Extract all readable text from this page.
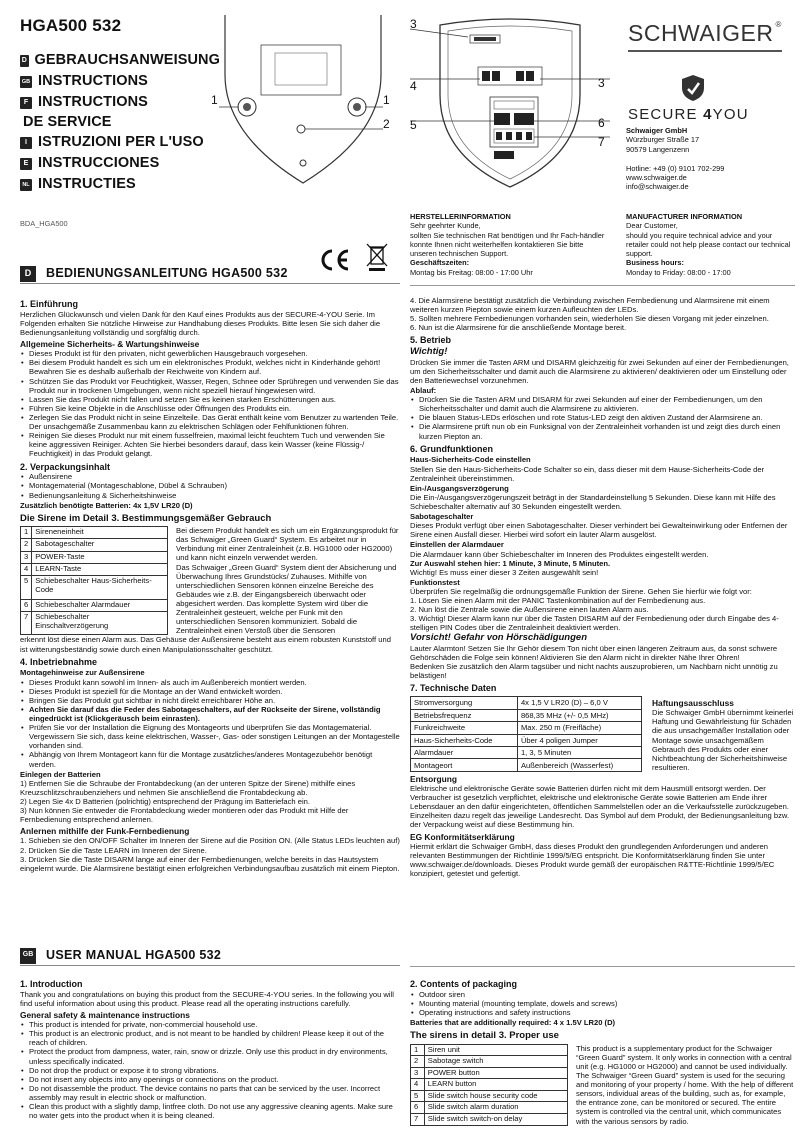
HGA500 532
D GEBRAUCHSANWEISUNG
GB INSTRUCTIONS
F INSTRUCTIONS
DE SERVICE
I ISTRUZIONI PER L'USO
E INSTRUCCIONES
NL INSTRUCTIES
BDA_HGA500
1	1
2
3
4	3
5	6
7
SCHWAIGER ®
SECURE 4YOU
Schwaiger GmbH
Würzburger Straße 17
90579 Langenzenn
Hotline: +49 (0) 9101 702-299
www.schwaiger.de
info@schwaiger.de
HERSTELLERINFORMATION
Sehr geehrter Kunde,
sollten Sie technischen Rat benötigen und Ihr Fach-händler konnte Ihnen nicht weiterhelfen kontaktieren Sie bitte unseren technischen Support.
Geschäftszeiten:
Montag bis Freitag: 08:00 - 17:00 Uhr
MANUFACTURER INFORMATION
Dear Customer,
should you require technical advice and your retailer could not help please contact our technical support.
Business hours:
Monday to Friday: 08:00 - 17:00
D	BEDIENUNGSANLEITUNG HGA500 532
1. Einführung

Herzlichen Glückwunsch und vielen Dank für den Kauf eines Produkts aus der SECURE-4-YOU Serie. Im Folgenden erhalten Sie nützliche Hinweise zur Handhabung dieses Produkts. Bitte lesen Sie sich daher die Bedienungsanleitung vollständig und sorgfältig durch.

Allgemeine Sicherheits- & Wartungshinweise
• Dieses Produkt ist für den privaten, nicht gewerblichen Hausgebrauch vorgesehen.
• Bei diesem Produkt handelt es sich um ein elektronisches Produkt, welches nicht in Kinderhände gehört! Bewahren Sie es deshalb außerhalb der Reichweite von Kindern auf.
• Schützen Sie das Produkt vor Feuchtigkeit, Wasser, Regen, Schnee oder Sprühregen und verwenden Sie das Produkt nur in trockenen Umgebungen, wenn nicht speziell hierauf hingewiesen wird.
• Lassen Sie das Produkt nicht fallen und setzen Sie es keinen starken Erschütterungen aus.
• Führen Sie keine Objekte in die Anschlüsse oder Öffnungen des Produkts ein.
• Zerlegen Sie das Produkt nicht in seine Einzelteile. Das Gerät enthält keine vom Benutzer zu wartenden Teile. Der unsachgemäße Zusammenbau kann zu elektrischen Schlägen oder Fehlfunktionen führen.
• Reinigen Sie dieses Produkt nur mit einem fusselfreien, maximal leicht feuchtem Tuch und verwenden Sie keine aggressiven Reiniger. Achten Sie hierbei besonders darauf, dass kein Wasser (keine Flüssig-/ Feuchtigkeit) in das Produkt gelangt.
2. Verpackungsinhalt
• Außensirene
• Montagematerial (Montageschablone, Dübel & Schrauben)
• Bedienungsanleitung & Sicherheitshinweise
Zusätzlich benötigte Batterien: 4x 1,5V LR20 (D)
Die Sirene im Detail 3. Bestimmungsgemäßer Gebrauch
1	Sireneneinheit
2	Sabotageschalter
3	POWER-Taste
4	LEARN-Taste
5	Schiebeschalter Haus-Sicherheits-Code
6	Schiebeschalter Alarmdauer
7	Schiebeschalter Einschaltverzögerung

Bei diesem Produkt handelt es sich um ein Ergänzungsprodukt für das Schwaiger „Green Guard“ System. Es arbeitet nur in Verbindung mit einer Zentraleinheit (z.B. HG1000 oder HG2000) und kann nicht einzeln verwendet werden.

Das Schwaiger „Green Guard“ System dient der Absicherung und Überwachung Ihres Grundstücks/ Zuhauses. Mithilfe von unterschiedlichen Sensoren können einzelne Bereiche des Gebäudes wie z.B. der Eingangsbereich überwacht oder abgesichert werden. Das komplette System wird über die Zentraleinheit gesteuert, welche per Funk mit den unterschiedlichen Sensoren kommuniziert. Sobald die Zentraleinheit einen Verstoß über die Sensoren

erkennt löst diese einen Alarm aus. Das Gehäuse der Außensirene besteht aus einem robusten Kunststoff und ist witterungsbeständig sowie durch einen Manipulationsschalter geschützt.

4. Inbetriebnahme
Montagehinweise zur Außensirene
• Dieses Produkt kann sowohl im Innen- als auch im Außenbereich montiert werden.
• Dieses Produkt ist speziell für die Montage an der Wand entwickelt worden.
• Bringen Sie das Produkt gut sichtbar in nicht direkt erreichbarer Höhe an.
• Achten Sie darauf das die Feder des Sabotageschalters, auf der Rückseite der Sirene, vollständig eingedrückt ist (Klickgeräusch beim einrasten).
• Prüfen Sie vor der Installation die Eignung des Montageorts und überprüfen Sie das Montagematerial. Vergewissern Sie sich, dass keine elektrischen, Wasser-, Gas- oder sonstigen Leitungen an der Montagestelle vorhanden sind.
• Abhängig von Ihrem Montageort kann für die Montage zusätzliches/anderes Montagezubehör benötigt werden.
Einlegen der Batterien
1) Entfernen Sie die Schraube der Frontabdeckung (an der unteren Spitze der Sirene) mithilfe eines Kreuzschlitzschraubenziehers und nehmen Sie anschließend die Frontabdeckung ab.
2) Legen Sie 4x D Batterien (polrichtig) entsprechend der Prägung im Batteriefach ein.
3) Nun können Sie entweder die Frontabdeckung wieder montieren oder das Produkt mit Hilfe der Fernbedienung entsprechend anlernen.
Anlernen mithilfe der Funk-Fernbedienung
1. Schieben sie den ON/OFF Schalter im Inneren der Sirene auf die Position ON. (Alle Status LEDs leuchten auf)
2. Drücken Sie die Taste LEARN im Inneren der Sirene.
3. Drücken Sie die Taste DISARM lange auf einer der Fernbedienungen, welche bereits in das Hautsystem eingelernt wurde. Die Alarmsirene bestätigt einen erfolgreichen Verbindungsaufbau zusätzlich mit einem Piepton.
4. Die Alarmsirene bestätigt zusätzlich die Verbindung zwischen Fernbedienung und Alarmsirene mit einem weiteren kurzen Piepton sowie einem kurzen Aufleuchten der LEDs.
5. Sollten mehrere Fernbedienungen vorhanden sein, wiederholen Sie diesen Vorgang mit jeder einzelnen.
6. Nun ist die Alarmsirene für die anschließende Montage bereit.
5. Betrieb
Wichtig!

Drücken Sie immer die Tasten ARM und DISARM gleichzeitig für zwei Sekunden auf einer der Fernbedienungen, um den Sicherheitsschalter und damit auch die Alarmsirene zu aktivieren/ deaktivieren oder um Einstellung oder den Batteriewechsel vorzunehmen.

Ablauf:
• Drücken Sie die Tasten ARM und DISARM für zwei Sekunden auf einer der Fernbedienungen, um den Sicherheitsschalter und damit auch die Alarmsirene zu aktivieren.
• Die blauen Status-LEDs erlöschen und rote Status-LED zeigt den aktiven Zustand der Alarmsirene an.
• Die Alarmsirene prüft nun ob ein Funksignal von der Zentraleinheit vorhanden ist und zeigt dies durch einen kurzen Piepton an.
6. Grundfunktionen
Haus-Sicherheits-Code einstellen

Stellen Sie den Haus-Sicherheits-Code Schalter so ein, dass dieser mit dem Hause-Sicherheits-Code der Zentraleinheit übereinstimmen.

Ein-/Ausgangsverzögerung

Die Ein-/Ausgangsverzögerungszeit beträgt in der Standardeinstellung 5 Sekunden. Diese kann mit Hilfe des Schiebeschalter alternativ auf 30 Sekunden eingestellt werden.

Sabotageschalter

Dieses Produkt verfügt über einen Sabotageschalter. Dieser verhindert bei Gewalteinwirkung oder Entfernen der Sirene einen Ausfall dieser. Hierbei wird sofort ein lauter Alarm ausgelöst.

Einstellen der Alarmdauer

Die Alarmdauer kann über Schiebeschalter im Inneren des Produktes eingestellt werden.

Zur Auswahl stehen hier: 1 Minute, 3 Minute, 5 Minuten.

Wichtig! Es muss einer dieser 3 Zeiten ausgewählt sein!

Funktionstest

Überprüfen Sie regelmäßig die ordnungsgemäße Funktion der Sirene. Gehen Sie hierfür wie folgt vor:

1. Lösen Sie einen Alarm mit der PANIC Tastenkombination auf der Fernbedienung aus.
2. Nun löst die Zentrale sowie die Außensirene einen lauten Alarm aus.
3. Wichtig! Dieser Alarm kann nur über die Tasten DISARM auf der Fernbedienung oder durch Eingabe des 4-stelligen PIN Codes über die Zentraleinheit deaktiviert werden.
Vorsicht! Gefahr von Hörschädigungen

Lauter Alarmton! Setzen Sie Ihr Gehör diesem Ton nicht über einen längeren Zeitraum aus, da sonst schwere Gehörschäden die Folge sein können! Aktivieren Sie den Alarm nicht in direkter Nähe Ihrer Ohren!

Bedenken Sie zusätzlich den Alarm tagsüber und nicht nachts auszuprobieren, um Nachbarn nicht unnötig zu belästigen!

7. Technische Daten
Stromversorgung	4x 1,5 V LR20 (D) – 6,0 V
Betriebsfrequenz	868,35 MHz (+/- 0,5 MHz)
Funkreichweite	Max. 250 m (Freifläche)
Haus-Sicherheits-Code	Über 4 poligen Jumper
Alarmdauer	1, 3, 5 Minuten
Montageort	Außenbereich (Wasserfest)
Haftungsausschluss

Die Schwaiger GmbH übernimmt keinerlei Haftung und Gewährleistung für Schäden die aus unsachgemäßer Installation oder Montage sowie unsachgemäßem Gebrauch des Produkts oder einer Nichtbeachtung der Sicherheitshinweise resultieren.

Entsorgung

Elektrische und elektronische Geräte sowie Batterien dürfen nicht mit dem Hausmüll entsorgt werden. Der Verbraucher ist gesetzlich verpflichtet, elektrische und elektronische Geräte sowie Batterien am Ende ihrer Lebensdauer an den dafür eingerichteten, öffentlichen Sammelstellen oder an die Verkaufsstelle zurückzugeben. Einzelheiten dazu regelt das jeweilige Landesrecht. Das Symbol auf dem Produkt, der Bedienungsanleitung bzw. der Verpackung weist auf diese Bestimmung hin.

EG Konformitätserklärung

Hiermit erklärt die Schwaiger GmbH, dass dieses Produkt den grundlegenden Anforderungen und anderen relevanten Bestimmungen der Richtlinie 1999/5/EG entspricht. Die Konformitätserklärung finden Sie unter www.schwaiger.de/downloads. Dieses Produkt wurde gemäß der europäischen R&TTE-Richtlinie 1999/5/EC konzipiert, getestet und gefertigt.

GB USER MANUAL HGA500 532
1. Introduction

Thank you and congratulations on buying this product from the SECURE-4-YOU series. In the following you will find useful information about using this product. Please read all the operating instructions carefully.

General safety & maintenance instructions
• This product is intended for private, non-commercial household use.
• This product is an electronic product, and is not meant to be handled by children! Please keep it out of the reach of children.
• Protect the product from dampness, water, rain, snow or drizzle. Only use this product in dry environments, unless specifically indicated.
• Do not drop the product or expose it to strong vibrations.
• Do not insert any objects into any openings or connections on the product.
• Do not disassemble the product. The device contains no parts that can be serviced by the user. Incorrect assembly may result in electric shock or malfunction.
• Clean this product with a slightly damp, lintfree cloth. Do not use any aggressive cleaning agents. Make sure no water gets into the product when it is being cleaned.
2. Contents of packaging
• Outdoor siren
• Mounting material (mounting template, dowels and screws)
• Operating instructions and safety instructions
Batteries that are additionally required: 4 x 1.5V LR20 (D)
The sirens in detail 3. Proper use
1	Siren unit
2	Sabotage switch
3	POWER button
4	LEARN button
5	Slide switch house security code
6	Slide switch alarm duration
7	Slide switch switch-on delay

This product is a supplementary product for the Schwaiger “Green Guard” system. It only works in connection with a central unit (e.g. HG1000 or HG2000) and cannot be used individually. The Schwaiger “Green Guard” system is used for the securing and monitoring of your property / home. With the help of different sensors, individual areas of the building, such as, for example, the entrance zone, can be monitored or secured. The entire system is controlled via the central unit, which communicates with the various sensors by radio.
